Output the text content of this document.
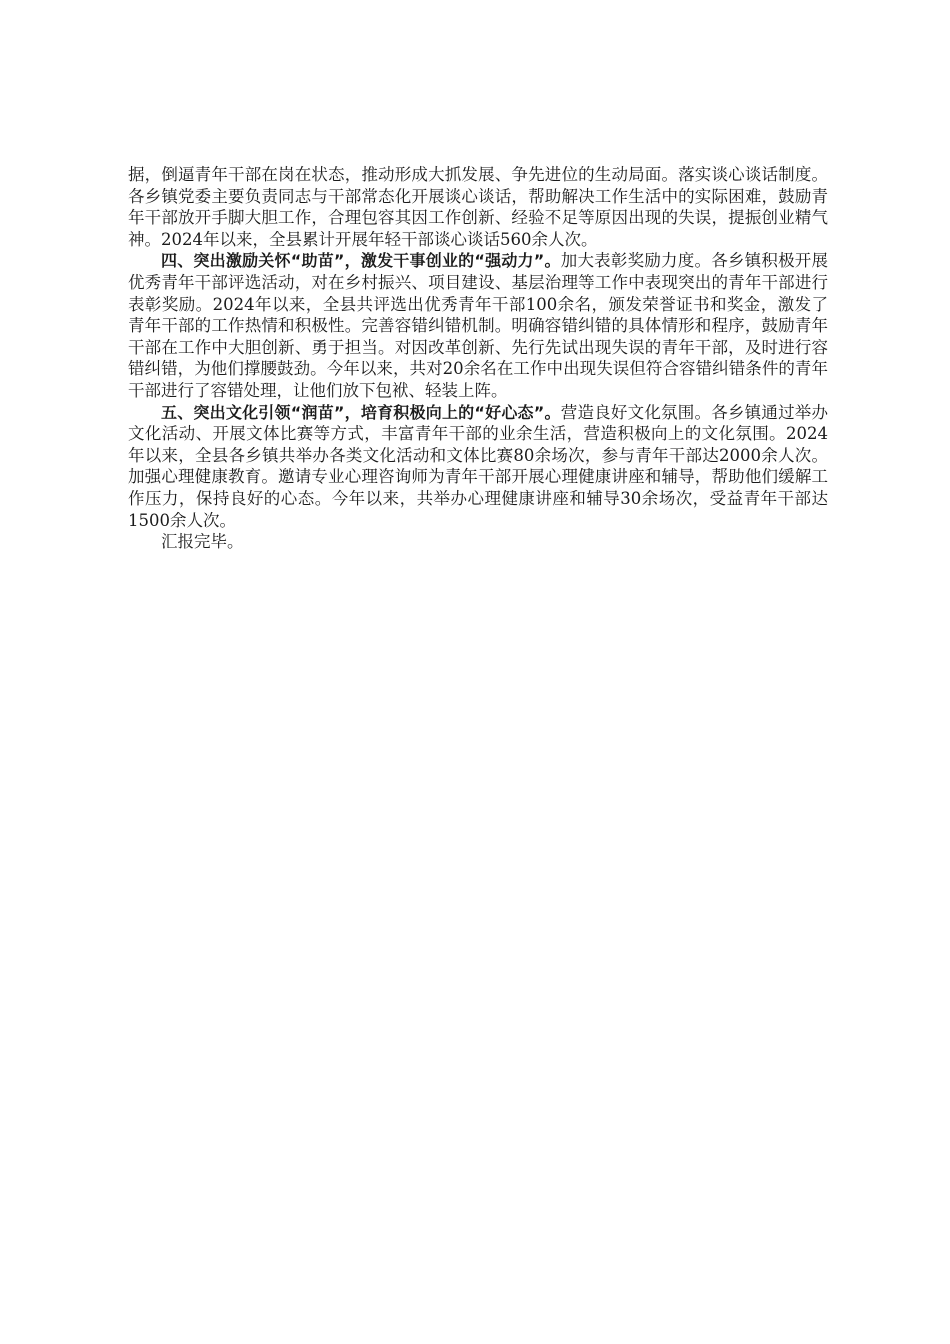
据，倒逼青年干部在岗在状态，推动形成大抓发展、争先进位的生动局面。落实谈心谈话制度。各乡镇党委主要负责同志与干部常态化开展谈心谈话，帮助解决工作生活中的实际困难，鼓励青年干部放开手脚大胆工作，合理包容其因工作创新、经验不足等原因出现的失误，提振创业精气神。2024年以来，全县累计开展年轻干部谈心谈话560余人次。

四、突出激励关怀“助苗”，激发干事创业的“强动力”。加大表彰奖励力度。各乡镇积极开展优秀青年干部评选活动，对在乡村振兴、项目建设、基层治理等工作中表现突出的青年干部进行表彰奖励。2024年以来，全县共评选出优秀青年干部100余名，颁发荣誉证书和奖金，激发了青年干部的工作热情和积极性。完善容错纠错机制。明确容错纠错的具体情形和程序，鼓励青年干部在工作中大胆创新、勇于担当。对因改革创新、先行先试出现失误的青年干部，及时进行容错纠错，为他们撑腰鼓劲。今年以来，共对20余名在工作中出现失误但符合容错纠错条件的青年干部进行了容错处理，让他们放下包袱、轻装上阵。

五、突出文化引领“润苗”，培育积极向上的“好心态”。营造良好文化氛围。各乡镇通过举办文化活动、开展文体比赛等方式，丰富青年干部的业余生活，营造积极向上的文化氛围。2024年以来，全县各乡镇共举办各类文化活动和文体比赛80余场次，参与青年干部达2000余人次。加强心理健康教育。邀请专业心理咨询师为青年干部开展心理健康讲座和辅导，帮助他们缓解工作压力，保持良好的心态。今年以来，共举办心理健康讲座和辅导30余场次，受益青年干部达1500余人次。

汇报完毕。
